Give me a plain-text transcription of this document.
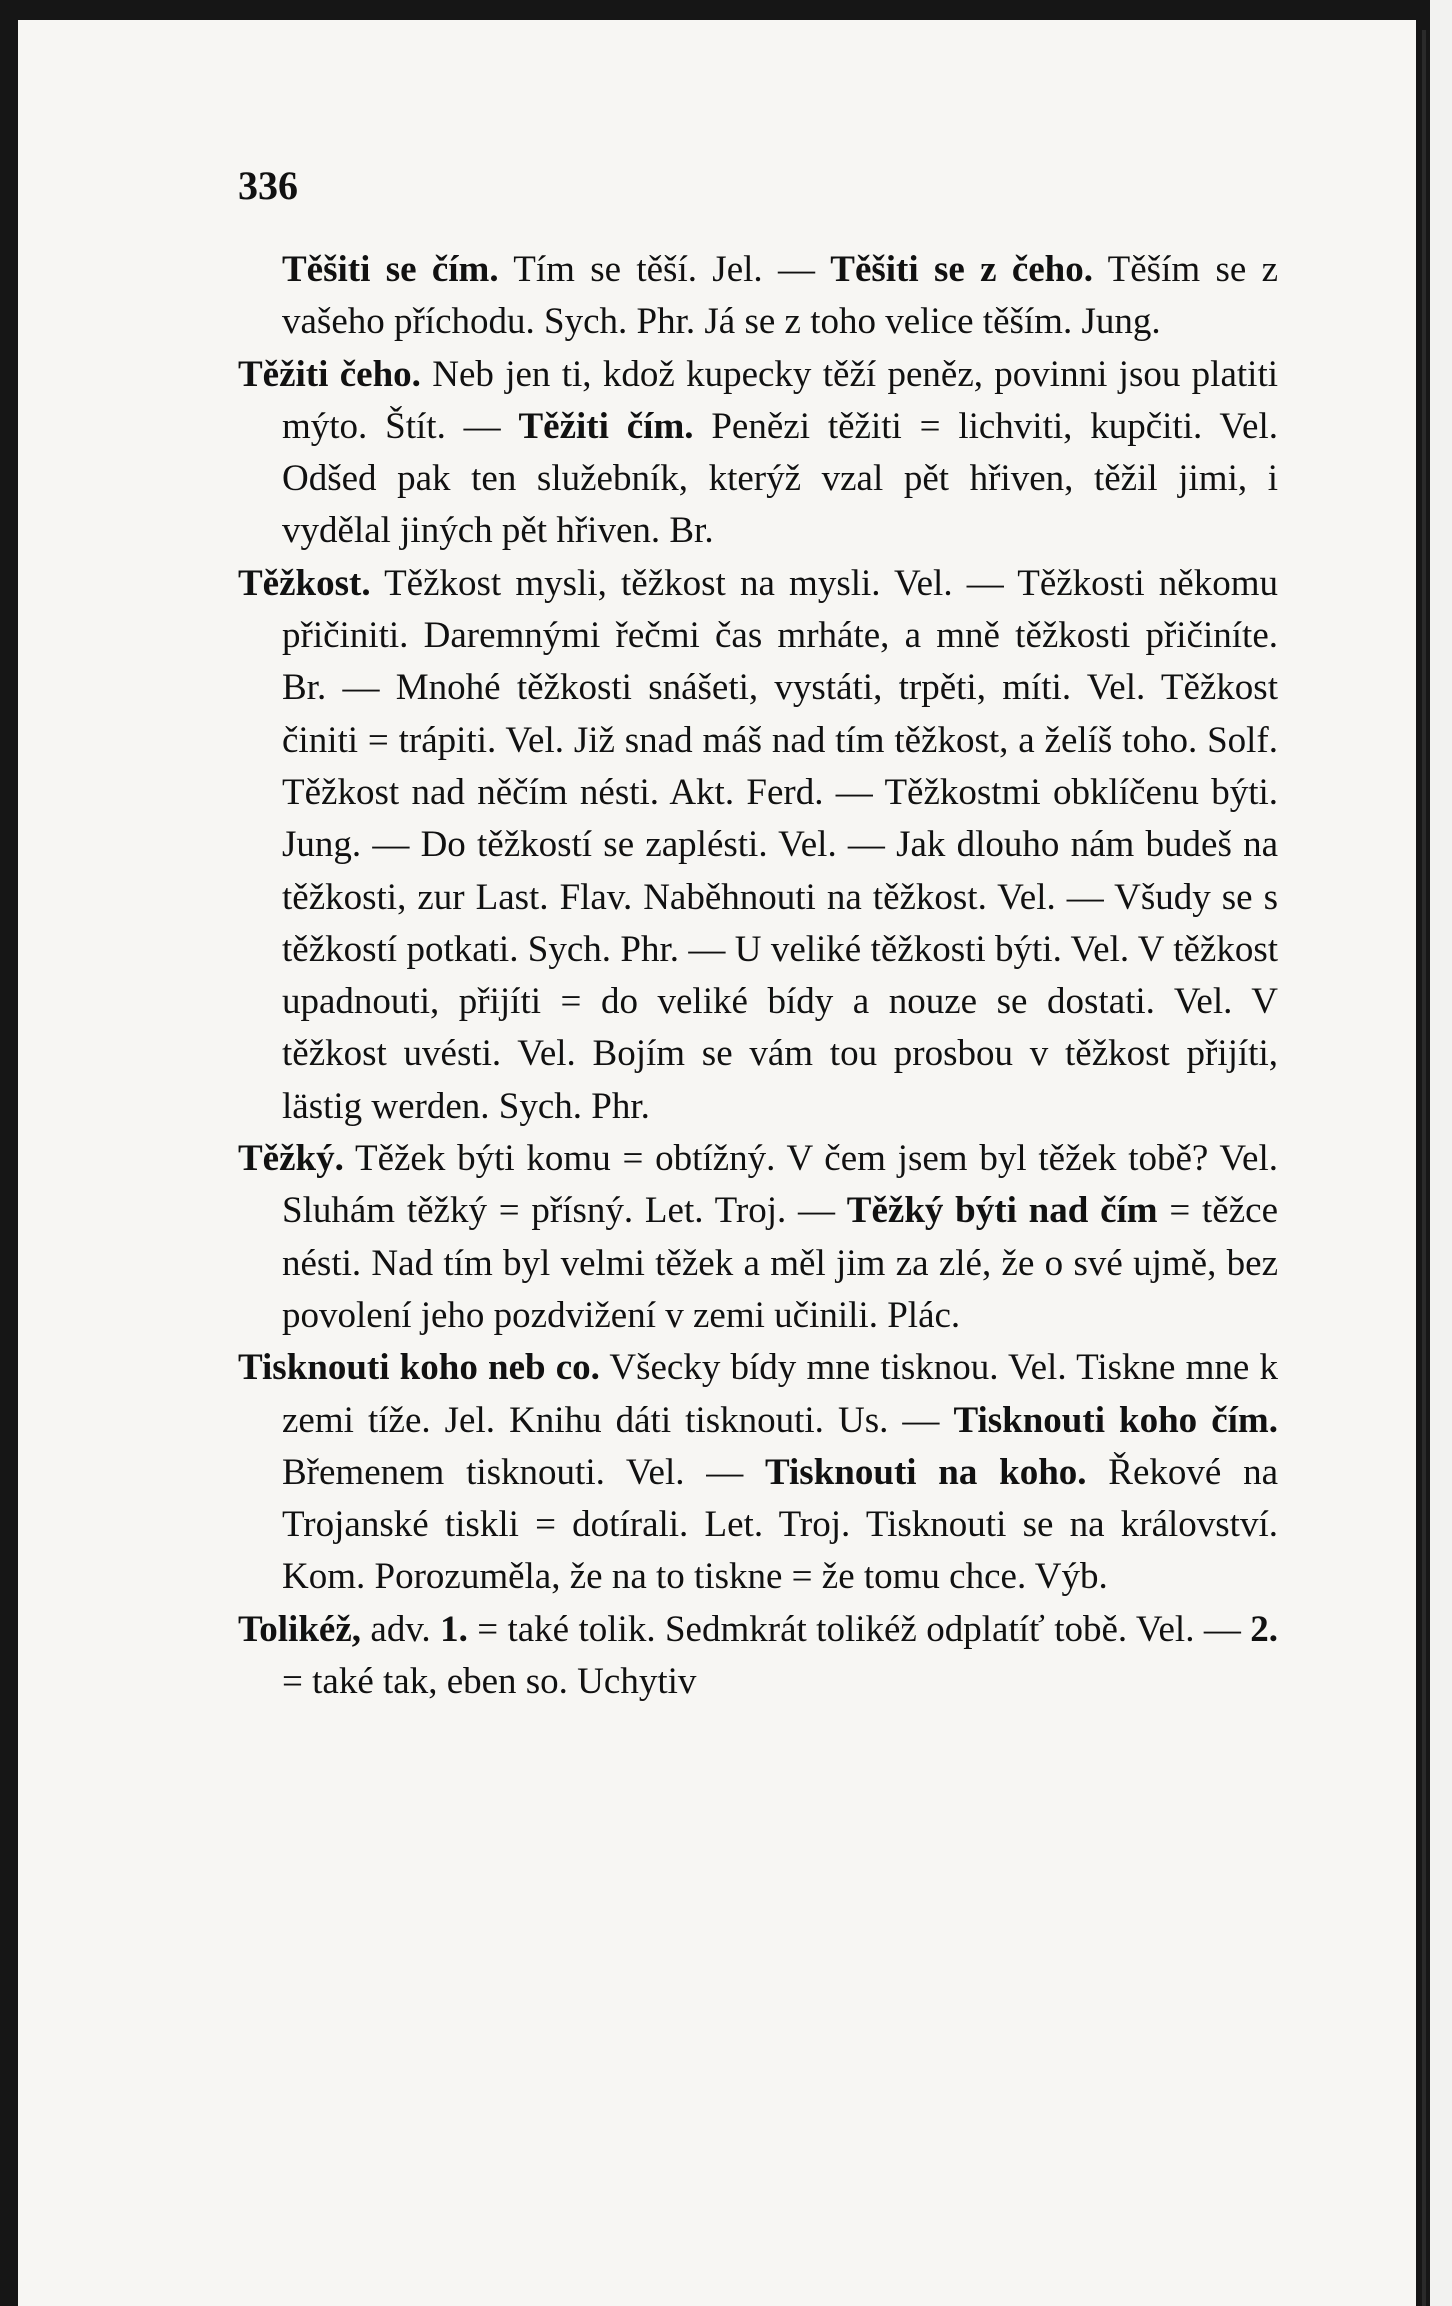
336
Těšiti se čím. Tím se těší. Jel. — Těšiti se z čeho. Těším se z vašeho příchodu. Sych. Phr. Já se z toho velice těším. Jung.
Těžiti čeho. Neb jen ti, kdož kupecky těží peněz, povinni jsou platiti mýto. Štít. — Těžiti čím. Penězi těžiti = lichviti, kupčiti. Vel. Odšed pak ten služebník, kterýž vzal pět hřiven, těžil jimi, i vydělal jiných pět hřiven. Br.
Těžkost. Těžkost mysli, těžkost na mysli. Vel. — Těžkosti někomu přičiniti. Daremnými řečmi čas mrháte, a mně těžkosti přičiníte. Br. — Mnohé těžkosti snášeti, vystáti, trpěti, míti. Vel. Těžkost činiti = trápiti. Vel. Již snad máš nad tím těžkost, a želíš toho. Solf. Těžkost nad něčím nésti. Akt. Ferd. — Těžkostmi obklíčenu býti. Jung. — Do těžkostí se zaplésti. Vel. — Jak dlouho nám budeš na těžkosti, zur Last. Flav. Naběhnouti na těžkost. Vel. — Všudy se s těžkostí potkati. Sych. Phr. — U veliké těžkosti býti. Vel. V těžkost upadnouti, přijíti = do veliké bídy a nouze se dostati. Vel. V těžkost uvésti. Vel. Bojím se vám tou prosbou v těžkost přijíti, lästig werden. Sych. Phr.
Těžký. Těžek býti komu = obtížný. V čem jsem byl těžek tobě? Vel. Sluhám těžký = přísný. Let. Troj. — Těžký býti nad čím = těžce nésti. Nad tím byl velmi těžek a měl jim za zlé, že o své ujmě, bez povolení jeho pozdvižení v zemi učinili. Plác.
Tisknouti koho neb co. Všecky bídy mne tisknou. Vel. Tiskne mne k zemi tíže. Jel. Knihu dáti tisknouti. Us. — Tisknouti koho čím. Břemenem tisknouti. Vel. — Tisknouti na koho. Řekové na Trojanské tiskli = dotírali. Let. Troj. Tisknouti se na království. Kom. Porozuměla, že na to tiskne = že tomu chce. Výb.
Tolikéž, adv. 1. = také tolik. Sedmkrát tolikéž odplatíť tobě. Vel. — 2. = také tak, eben so. Uchytiv
